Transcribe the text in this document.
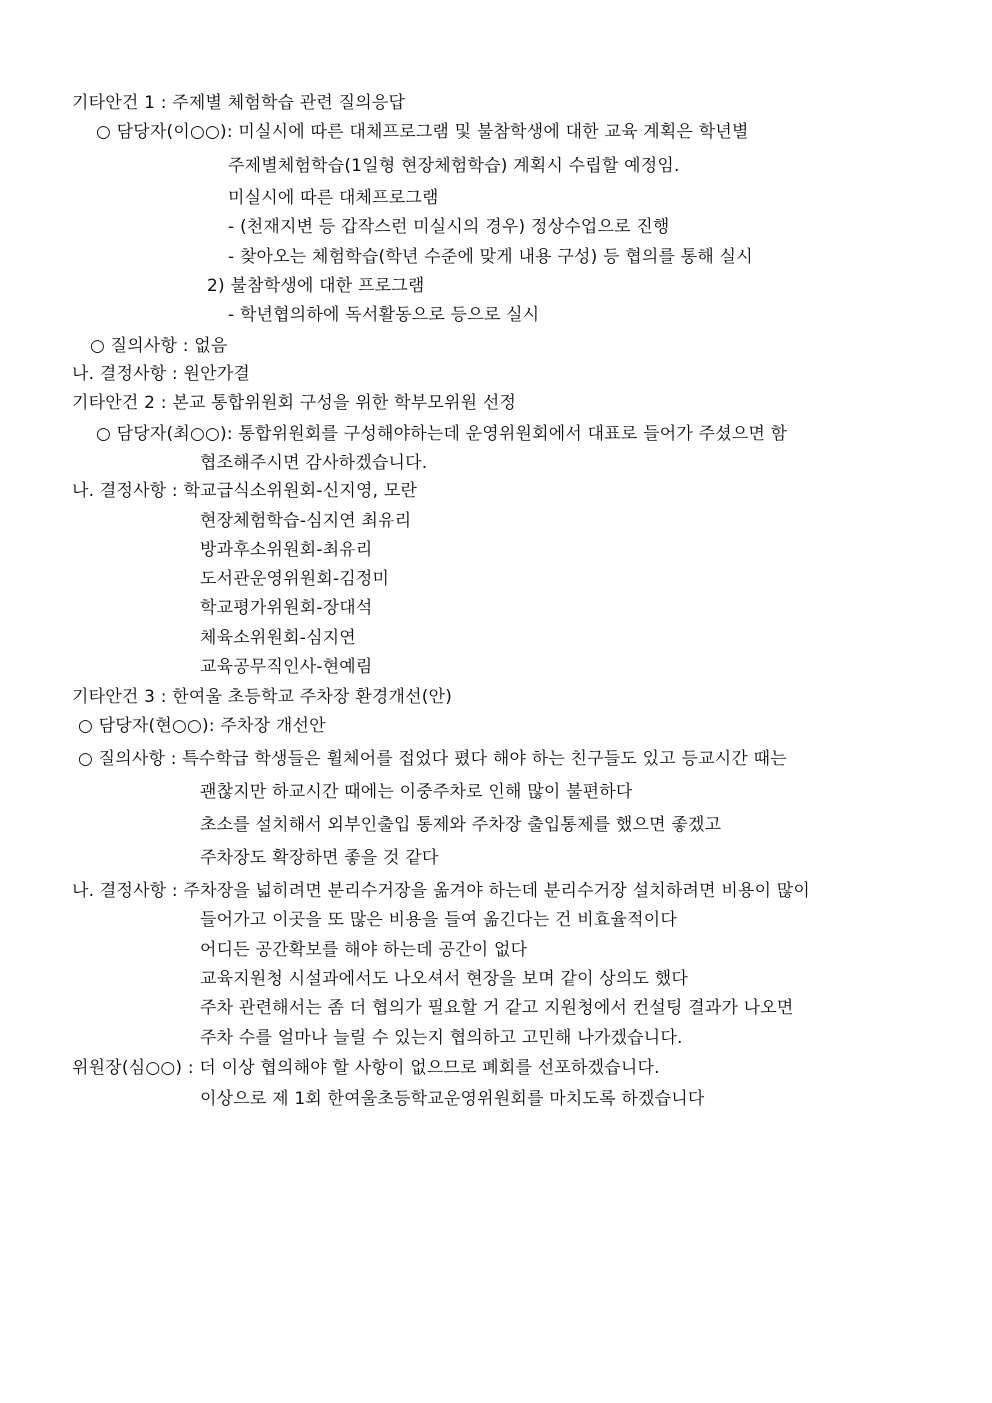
기타안건 1 : 주제별 체험학습 관련 질의응답
○ 담당자(이○○): 미실시에 따른 대체프로그램 및 불참학생에 대한 교육 계획은 학년별
주제별체험학습(1일형 현장체험학습) 계획시 수립할 예정임.
미실시에 따른 대체프로그램
- (천재지변 등 갑작스런 미실시의 경우) 정상수업으로 진행
- 찾아오는 체험학습(학년 수준에 맞게 내용 구성) 등 협의를 통해 실시
2) 불참학생에 대한 프로그램
- 학년협의하에 독서활동으로 등으로 실시
○ 질의사항 : 없음
나. 결정사항 : 원안가결
기타안건 2 : 본교 통합위원회 구성을 위한 학부모위원 선정
○ 담당자(최○○): 통합위원회를 구성해야하는데 운영위원회에서 대표로 들어가 주셨으면 함
협조해주시면 감사하겠습니다.
나. 결정사항 : 학교급식소위원회-신지영, 모란
현장체험학습-심지연 최유리
방과후소위원회-최유리
도서관운영위원회-김정미
학교평가위원회-장대석
체육소위원회-심지연
교육공무직인사-현예림
기타안건 3 : 한여울 초등학교 주차장 환경개선(안)
○ 담당자(현○○): 주차장 개선안
○ 질의사항 : 특수학급 학생들은 휠체어를 접었다 폈다 해야 하는 친구들도 있고 등교시간 때는
괜찮지만 하교시간 때에는 이중주차로 인해 많이 불편하다
초소를 설치해서 외부인출입 통제와 주차장 출입통제를 했으면 좋겠고
주차장도 확장하면 좋을 것 같다
나. 결정사항 : 주차장을 넓히려면 분리수거장을 옮겨야 하는데 분리수거장 설치하려면 비용이 많이
들어가고 이곳을 또 많은 비용을 들여 옮긴다는 건 비효율적이다
어디든 공간확보를 해야 하는데 공간이 없다
교육지원청 시설과에서도 나오셔서 현장을 보며 같이 상의도 했다
주차 관련해서는 좀 더 협의가 필요할 거 같고 지원청에서 컨설팅 결과가 나오면
주차 수를 얼마나 늘릴 수 있는지 협의하고 고민해 나가겠습니다.
위원장(심○○) : 더 이상 협의해야 할 사항이 없으므로 폐회를 선포하겠습니다.
이상으로 제 1회 한여울초등학교운영위원회를 마치도록 하겠습니다
